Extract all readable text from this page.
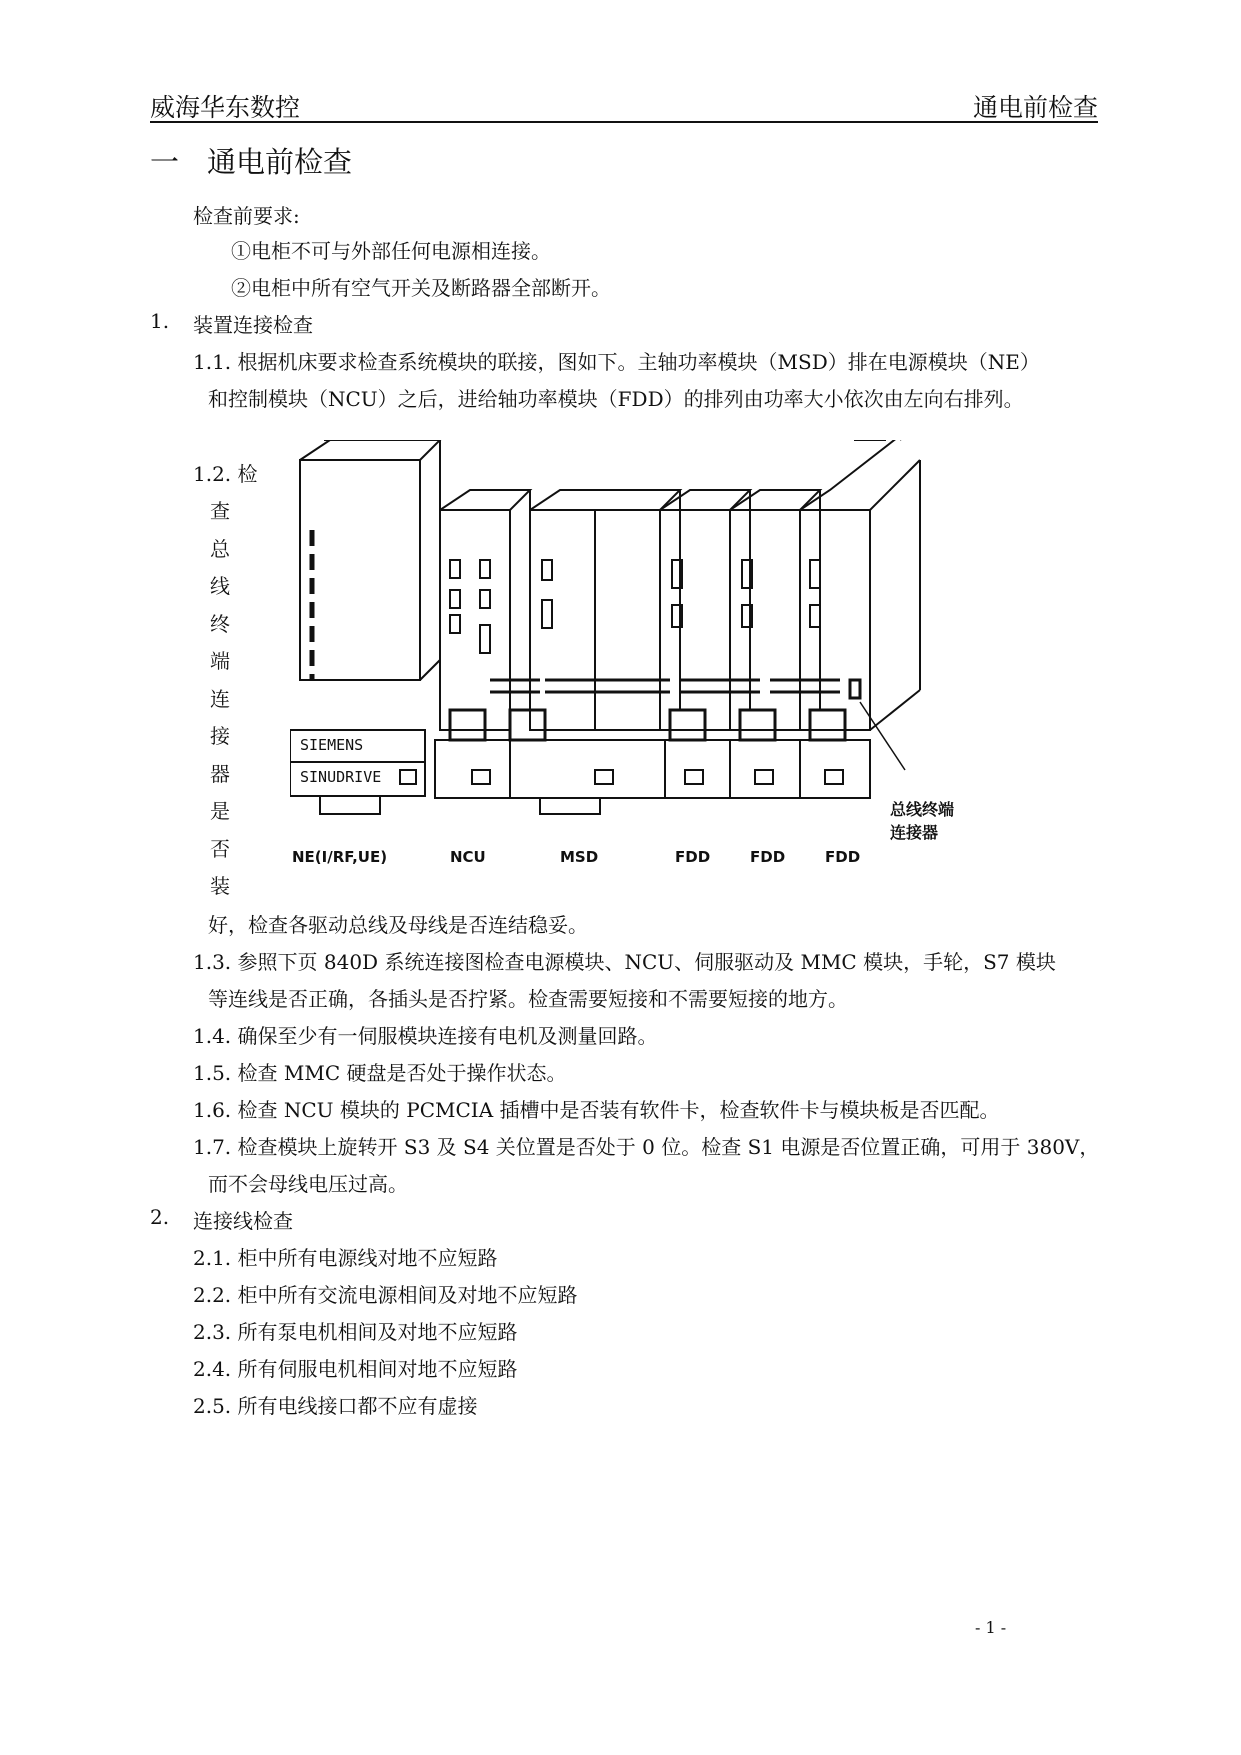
威海华东数控	通电前检查
一 通电前检查
检查前要求:
①电柜不可与外部任何电源相连接。
②电柜中所有空气开关及断路器全部断开。
1. 装置连接检查
1.1. 根据机床要求检查系统模块的联接，图如下。主轴功率模块（MSD）排在电源模块（NE）
和控制模块（NCU）之后，进给轴功率模块（FDD）的排列由功率大小依次由左向右排列。
1.2. 检
查
总
线
终
端
连
接
器
是
否
装
SIEMENS
SINUDRIVE
NE(I/RF,UE)	NCU	MSD	FDD	FDD	FDD
总线终端
连接器
好，检查各驱动总线及母线是否连结稳妥。
1.3. 参照下页 840D 系统连接图检查电源模块、NCU、伺服驱动及 MMC 模块，手轮，S7 模块
等连线是否正确，各插头是否拧紧。检查需要短接和不需要短接的地方。
1.4. 确保至少有一伺服模块连接有电机及测量回路。
1.5. 检查 MMC 硬盘是否处于操作状态。
1.6. 检查 NCU 模块的 PCMCIA 插槽中是否装有软件卡，检查软件卡与模块板是否匹配。
1.7. 检查模块上旋转开 S3 及 S4 关位置是否处于 0 位。检查 S1 电源是否位置正确，可用于 380V，
而不会母线电压过高。
2. 连接线检查
2.1. 柜中所有电源线对地不应短路
2.2. 柜中所有交流电源相间及对地不应短路
2.3. 所有泵电机相间及对地不应短路
2.4. 所有伺服电机相间对地不应短路
2.5. 所有电线接口都不应有虚接
- 1 -
